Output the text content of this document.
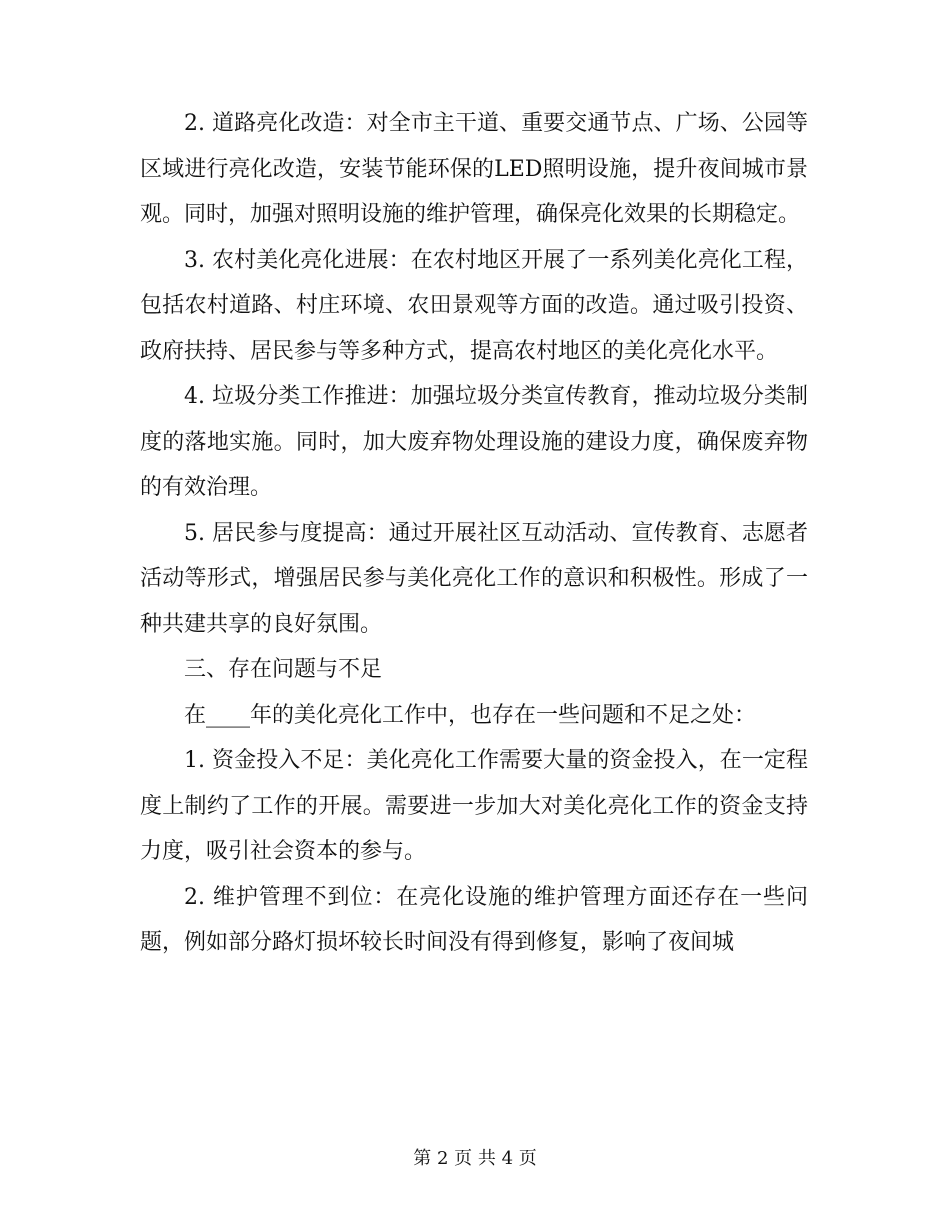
2. 道路亮化改造：对全市主干道、重要交通节点、广场、公园等区域进行亮化改造，安装节能环保的LED照明设施，提升夜间城市景观。同时，加强对照明设施的维护管理，确保亮化效果的长期稳定。

3. 农村美化亮化进展：在农村地区开展了一系列美化亮化工程，包括农村道路、村庄环境、农田景观等方面的改造。通过吸引投资、政府扶持、居民参与等多种方式，提高农村地区的美化亮化水平。

4. 垃圾分类工作推进：加强垃圾分类宣传教育，推动垃圾分类制度的落地实施。同时，加大废弃物处理设施的建设力度，确保废弃物的有效治理。

5. 居民参与度提高：通过开展社区互动活动、宣传教育、志愿者活动等形式，增强居民参与美化亮化工作的意识和积极性。形成了一种共建共享的良好氛围。

三、存在问题与不足

在____年的美化亮化工作中，也存在一些问题和不足之处：

1. 资金投入不足：美化亮化工作需要大量的资金投入，在一定程度上制约了工作的开展。需要进一步加大对美化亮化工作的资金支持力度，吸引社会资本的参与。

2. 维护管理不到位：在亮化设施的维护管理方面还存在一些问题，例如部分路灯损坏较长时间没有得到修复，影响了夜间城

第 2 页 共 4 页
